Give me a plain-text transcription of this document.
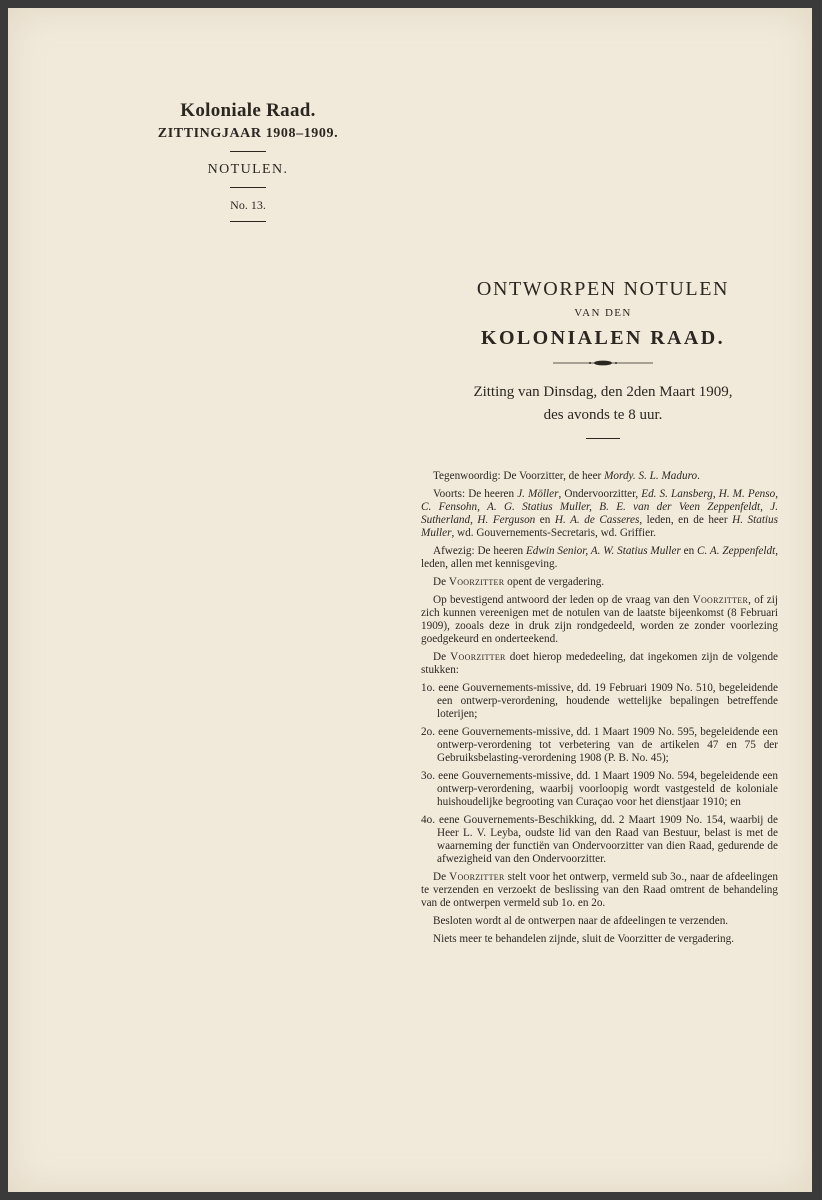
Koloniale Raad.
ZITTINGJAAR 1908–1909.
NOTULEN.
No. 13.
ONTWORPEN NOTULEN
VAN DEN
KOLONIALEN RAAD.
Zitting van Dinsdag, den 2den Maart 1909,
des avonds te 8 uur.

Tegenwoordig: De Voorzitter, de heer Mordy. S. L. Maduro.

Voorts: De heeren J. Möller, Ondervoorzitter, Ed. S. Lansberg, H. M. Penso, C. Fensohn, A. G. Statius Muller, B. E. van der Veen Zeppenfeldt, J. Sutherland, H. Ferguson en H. A. de Casseres, leden, en de heer H. Statius Muller, wd. Gouvernements-Secretaris, wd. Griffier.

Afwezig: De heeren Edwin Senior, A. W. Statius Muller en C. A. Zeppenfeldt, leden, allen met kennisgeving.

De Voorzitter opent de vergadering.

Op bevestigend antwoord der leden op de vraag van den Voorzitter, of zij zich kunnen vereenigen met de notulen van de laatste bijeenkomst (8 Februari 1909), zooals deze in druk zijn rondgedeeld, worden ze zonder voorlezing goedgekeurd en onderteekend.

De Voorzitter doet hierop mededeeling, dat ingekomen zijn de volgende stukken:

1o. eene Gouvernements-missive, dd. 19 Februari 1909 No. 510, begeleidende een ontwerp-verordening, houdende wettelijke bepalingen betreffende loterijen;
2o. eene Gouvernements-missive, dd. 1 Maart 1909 No. 595, begeleidende een ontwerp-verordening tot verbetering van de artikelen 47 en 75 der Gebruiksbelasting-verordening 1908 (P. B. No. 45);
3o. eene Gouvernements-missive, dd. 1 Maart 1909 No. 594, begeleidende een ontwerp-verordening, waarbij voorloopig wordt vastgesteld de koloniale huishoudelijke begrooting van Curaçao voor het dienstjaar 1910; en
4o. eene Gouvernements-Beschikking, dd. 2 Maart 1909 No. 154, waarbij de Heer L. V. Leyba, oudste lid van den Raad van Bestuur, belast is met de waarneming der functiën van Ondervoorzitter van dien Raad, gedurende de afwezigheid van den Ondervoorzitter.

De Voorzitter stelt voor het ontwerp, vermeld sub 3o., naar de afdeelingen te verzenden en verzoekt de beslissing van den Raad omtrent de behandeling van de ontwerpen vermeld sub 1o. en 2o.

Besloten wordt al de ontwerpen naar de afdeelingen te verzenden.

Niets meer te behandelen zijnde, sluit de Voorzitter de vergadering.
